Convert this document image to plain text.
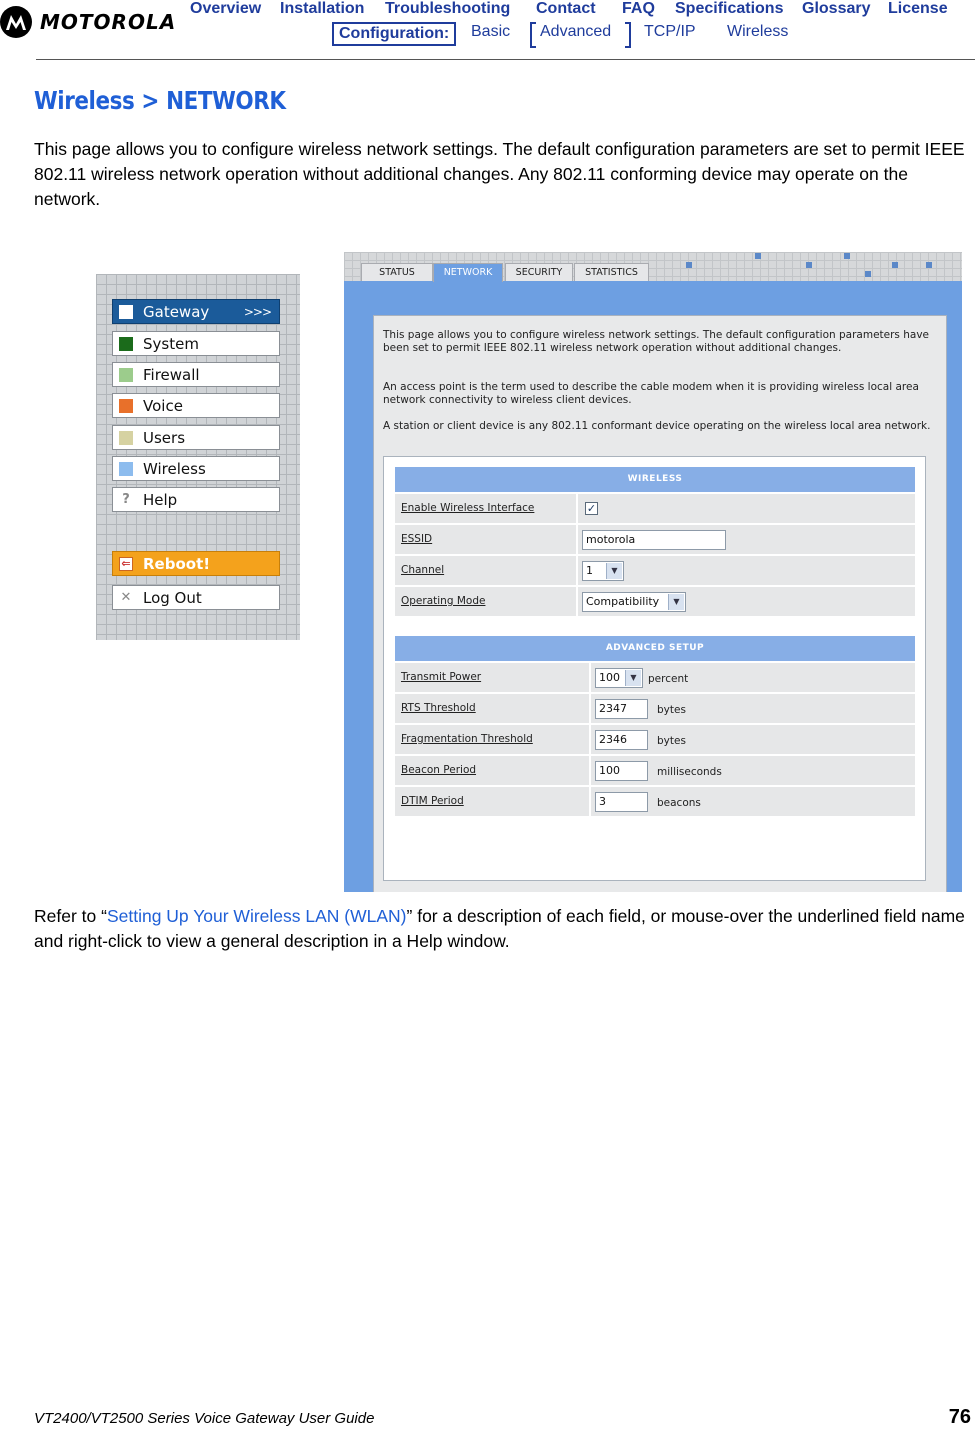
MOTOROLA
Overview Installation Troubleshooting Contact FAQ Specifications Glossary License
Configuration:	Basic Advanced TCP/IP Wireless
Wireless > NETWORK
This page allows you to configure wireless network settings. The default configuration parameters are set to permit IEEE 802.11 wireless network operation without additional changes. Any 802.11 conforming device may operate on the network.
Gateway	>>>
System
Firewall
Voice
Users
Wireless
? Help
⇐ Reboot!
✕ Log Out
STATUS	NETWORK	SECURITY	STATISTICS
This page allows you to configure wireless network settings. The default configuration parameters have been set to permit IEEE 802.11 wireless network operation without additional changes.
An access point is the term used to describe the cable modem when it is providing wireless local area network connectivity to wireless client devices.
A station or client device is any 802.11 conformant device operating on the wireless local area network.
WIRELESS
Enable Wireless Interface	✓
ESSID	motorola
Channel	1	▼
Operating Mode	Compatibility	▼
ADVANCED SETUP
Transmit Power	100	▼	percent
RTS Threshold	2347	bytes
Fragmentation Threshold	2346	bytes
Beacon Period	100	milliseconds
DTIM Period	3	beacons
Refer to “Setting Up Your Wireless LAN (WLAN)” for a description of each field, or mouse-over the underlined field name and right-click to view a general description in a Help window.
VT2400/VT2500 Series Voice Gateway User Guide	76
